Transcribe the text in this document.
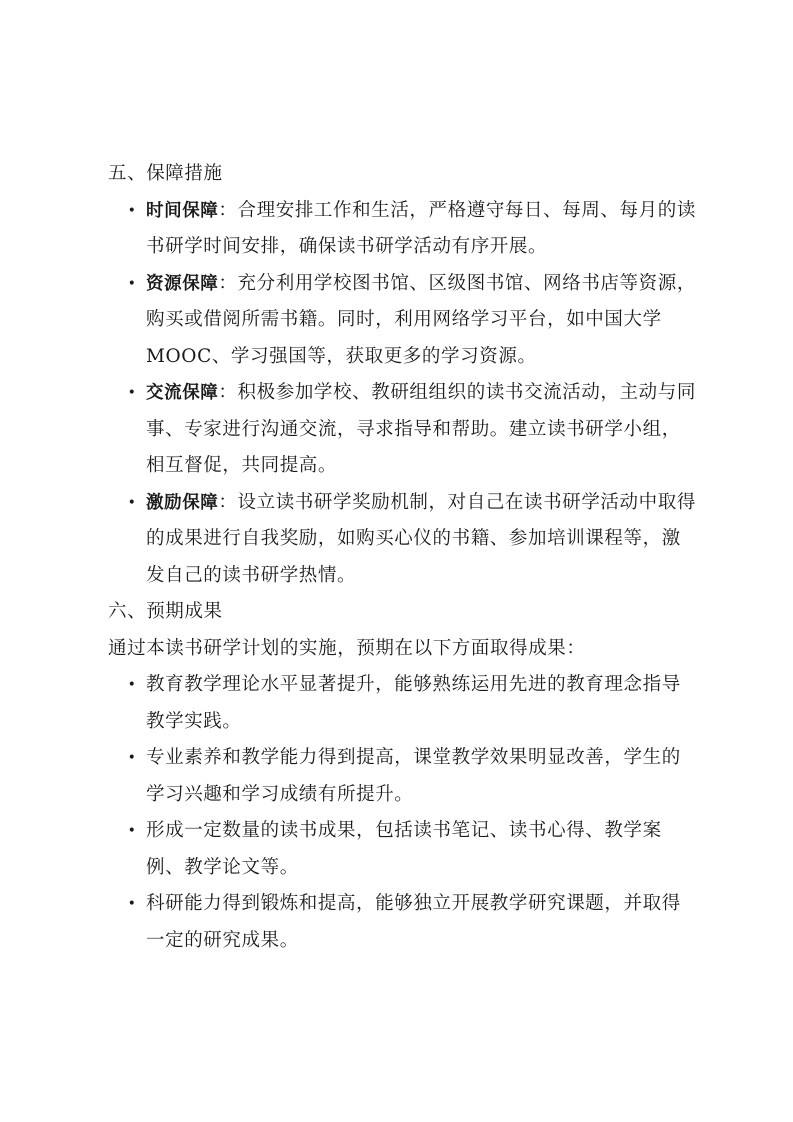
五、保障措施
• 时间保障：合理安排工作和生活，严格遵守每日、每周、每月的读书研学时间安排，确保读书研学活动有序开展。
• 资源保障：充分利用学校图书馆、区级图书馆、网络书店等资源，购买或借阅所需书籍。同时，利用网络学习平台，如中国大学 MOOC、学习强国等，获取更多的学习资源。
• 交流保障：积极参加学校、教研组组织的读书交流活动，主动与同事、专家进行沟通交流，寻求指导和帮助。建立读书研学小组，相互督促，共同提高。
• 激励保障：设立读书研学奖励机制，对自己在读书研学活动中取得的成果进行自我奖励，如购买心仪的书籍、参加培训课程等，激发自己的读书研学热情。
六、预期成果

通过本读书研学计划的实施，预期在以下方面取得成果：

• 教育教学理论水平显著提升，能够熟练运用先进的教育理念指导教学实践。
• 专业素养和教学能力得到提高，课堂教学效果明显改善，学生的学习兴趣和学习成绩有所提升。
• 形成一定数量的读书成果，包括读书笔记、读书心得、教学案例、教学论文等。
• 科研能力得到锻炼和提高，能够独立开展教学研究课题，并取得一定的研究成果。
